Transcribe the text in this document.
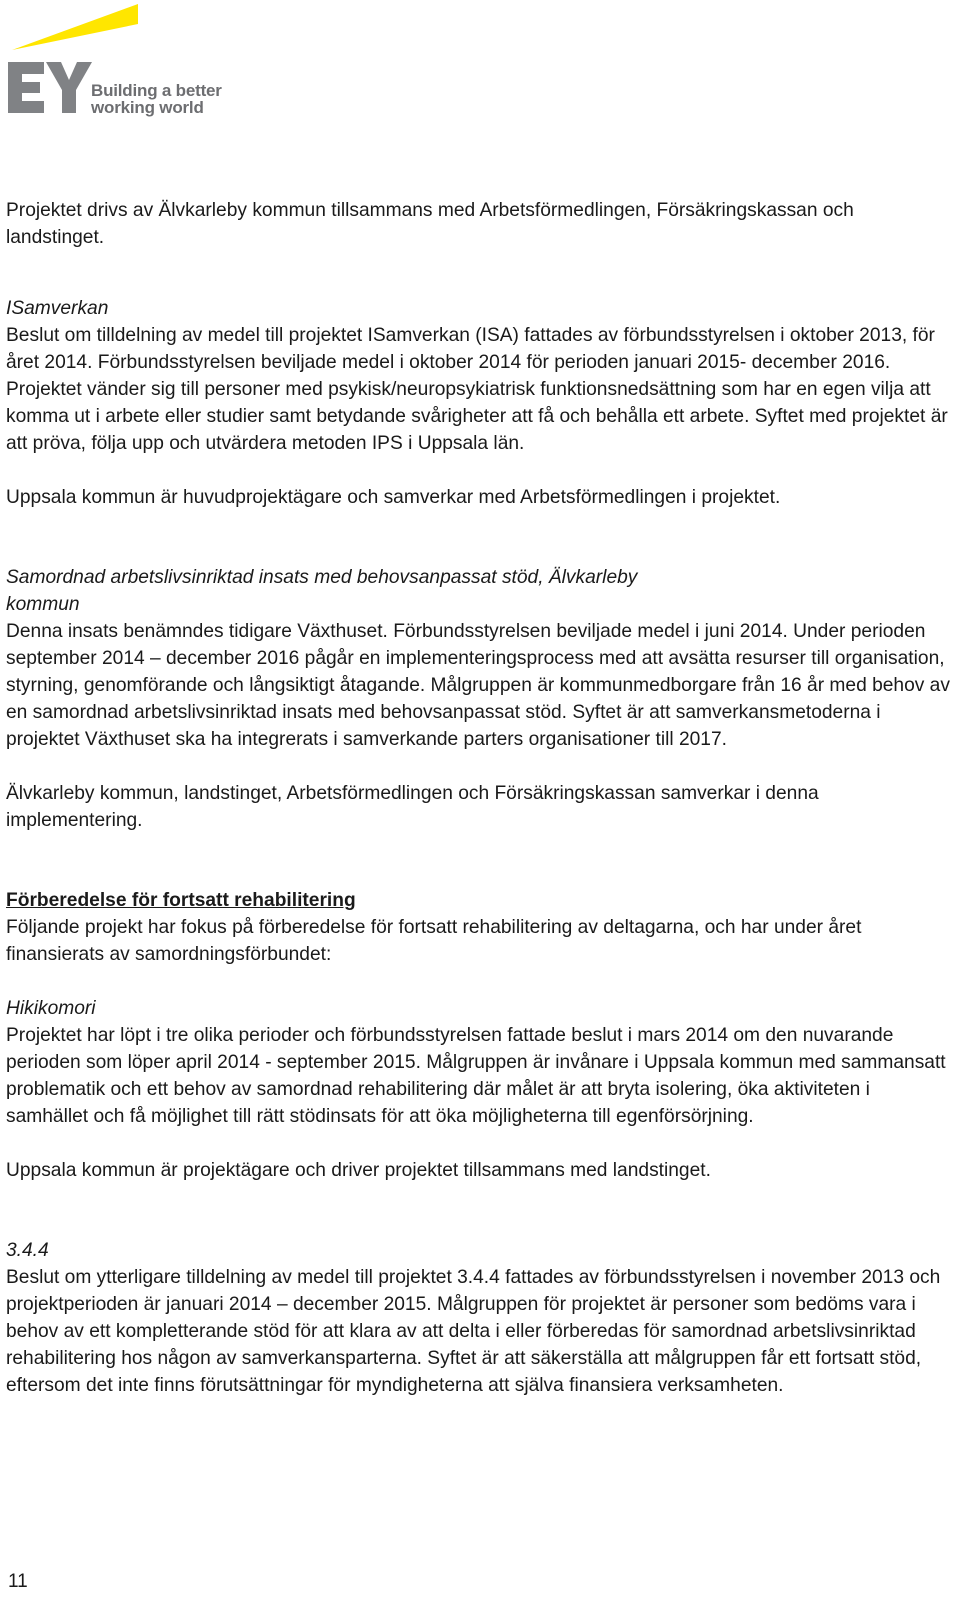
Building a better
working world

Projektet drivs av Älvkarleby kommun tillsammans med Arbetsförmedlingen, Försäkringskassan och landstinget.

ISamverkan

Beslut om tilldelning av medel till projektet ISamverkan (ISA) fattades av förbundsstyrelsen i oktober 2013, för året 2014. Förbundsstyrelsen beviljade medel i oktober 2014 för perioden januari 2015- december 2016. Projektet vänder sig till personer med psykisk/neuropsykiatrisk funktionsnedsättning som har en egen vilja att komma ut i arbete eller studier samt betydande svårigheter att få och behålla ett arbete. Syftet med projektet är att pröva, följa upp och utvärdera metoden IPS i Uppsala län.

Uppsala kommun är huvudprojektägare och samverkar med Arbetsförmedlingen i projektet.

Samordnad arbetslivsinriktad insats med behovsanpassat stöd, Älvkarleby kommun

Denna insats benämndes tidigare Växthuset. Förbundsstyrelsen beviljade medel i juni 2014. Under perioden september 2014 – december 2016 pågår en implementeringsprocess med att avsätta resurser till organisation, styrning, genomförande och långsiktigt åtagande. Målgruppen är kommunmedborgare från 16 år med behov av en samordnad arbetslivsinriktad insats med behovsanpassat stöd. Syftet är att samverkansmetoderna i projektet Växthuset ska ha integrerats i samverkande parters organisationer till 2017.

Älvkarleby kommun, landstinget, Arbetsförmedlingen och Försäkringskassan samverkar i denna implementering.

Förberedelse för fortsatt rehabilitering

Följande projekt har fokus på förberedelse för fortsatt rehabilitering av deltagarna, och har under året finansierats av samordningsförbundet:

Hikikomori

Projektet har löpt i tre olika perioder och förbundsstyrelsen fattade beslut i mars 2014 om den nuvarande perioden som löper april 2014 - september 2015. Målgruppen är invånare i Uppsala kommun med sammansatt problematik och ett behov av samordnad rehabilitering där målet är att bryta isolering, öka aktiviteten i samhället och få möjlighet till rätt stödinsats för att öka möjligheterna till egenförsörjning.

Uppsala kommun är projektägare och driver projektet tillsammans med landstinget.

3.4.4

Beslut om ytterligare tilldelning av medel till projektet 3.4.4 fattades av förbundsstyrelsen i november 2013 och projektperioden är januari 2014 – december 2015. Målgruppen för projektet är personer som bedöms vara i behov av ett kompletterande stöd för att klara av att delta i eller förberedas för samordnad arbetslivsinriktad rehabilitering hos någon av samverkansparterna. Syftet är att säkerställa att målgruppen får ett fortsatt stöd, eftersom det inte finns förutsättningar för myndigheterna att själva finansiera verksamheten.

11
